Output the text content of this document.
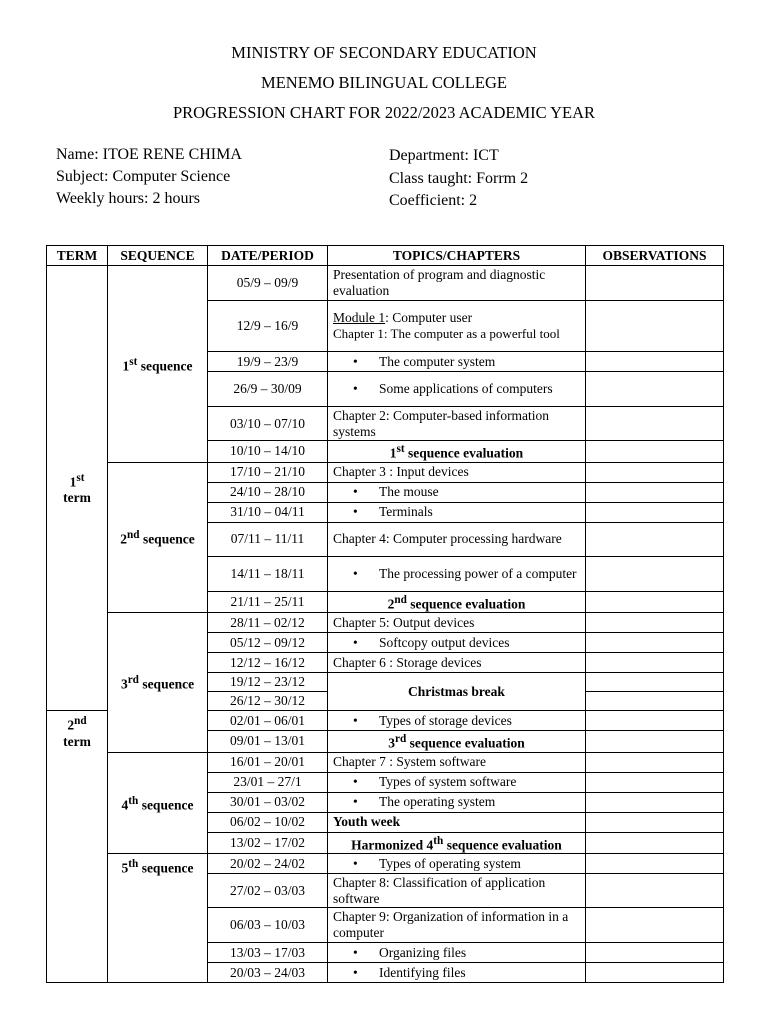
MINISTRY OF SECONDARY EDUCATION
MENEMO BILINGUAL COLLEGE
PROGRESSION CHART FOR 2022/2023 ACADEMIC YEAR
Name: ITOE RENE CHIMA
Subject: Computer Science
Weekly hours: 2 hours
Department: ICT
Class taught: Forrm 2
Coefficient: 2
TERM	SEQUENCE	DATE/PERIOD	TOPICS/CHAPTERS	OBSERVATIONS
1st
term	1st sequence	05/9 – 09/9	Presentation of program and diagnostic evaluation	
		12/9 – 16/9	Module 1: Computer user
Chapter 1: The computer as a powerful tool	
		19/9 – 23/9	• The computer system	

		26/9 – 30/09	• Some applications of computers	

		03/10 – 07/10	Chapter 2: Computer-based information systems	
		10/10 – 14/10	1st sequence evaluation	
	2nd sequence	17/10 – 21/10	Chapter 3 : Input devices	
		24/10 – 28/10	• The mouse	

		31/10 – 04/11	• Terminals	

		07/11 – 11/11	Chapter 4: Computer processing hardware	
		14/11 – 18/11	• The processing power of a computer	

		21/11 – 25/11	2nd sequence evaluation	
	3rd sequence	28/11 – 02/12	Chapter 5: Output devices	
		05/12 – 09/12	• Softcopy output devices	

		12/12 – 16/12	Chapter 6 : Storage devices	
		19/12 – 23/12	Christmas break	
		26/12 – 30/12		
2nd
term		02/01 – 06/01	• Types of storage devices	

		09/01 – 13/01	3rd sequence evaluation	
	4th sequence	16/01 – 20/01	Chapter 7 : System software	
		23/01 – 27/1	• Types of system software	

		30/01 – 03/02	• The operating system	

		06/02 – 10/02	Youth week	
		13/02 – 17/02	Harmonized 4th sequence evaluation	
	5th sequence	20/02 – 24/02	• Types of operating system	

		27/02 – 03/03	Chapter 8: Classification of application software	
		06/03 – 10/03	Chapter 9: Organization of information in a computer	
		13/03 – 17/03	• Organizing files	

		20/03 – 24/03	• Identifying files	
